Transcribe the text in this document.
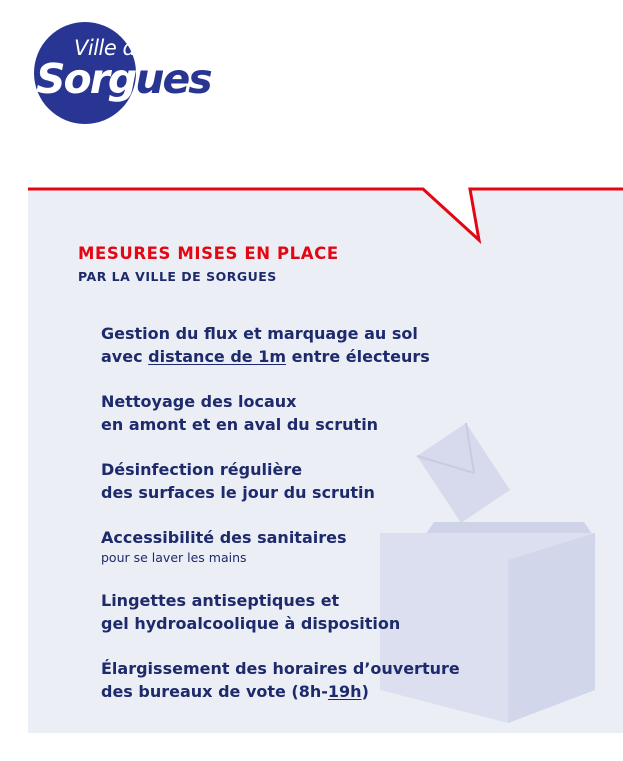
Ville de
Sorgues
MESURES MISES EN PLACE
PAR LA VILLE DE SORGUES
Gestion du flux et marquage au sol
avec distance de 1m entre électeurs
Nettoyage des locaux
en amont et en aval du scrutin
Désinfection régulière
des surfaces le jour du scrutin
Accessibilité des sanitaires
pour se laver les mains
Lingettes antiseptiques et
gel hydroalcoolique à disposition
Élargissement des horaires d’ouverture
des bureaux de vote (8h-19h)
